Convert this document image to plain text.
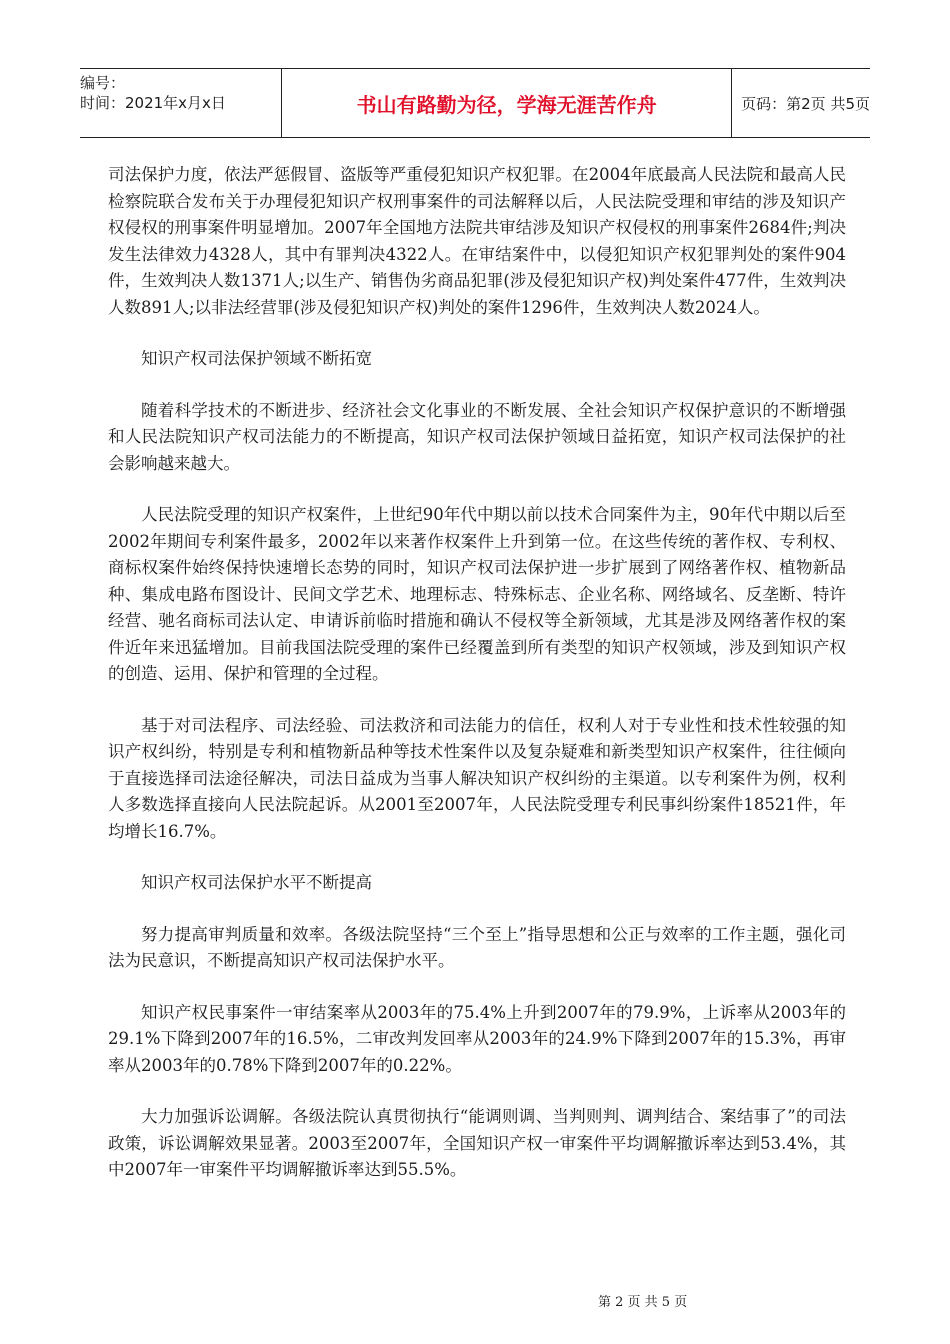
编号：
时间：2021年x月x日	书山有路勤为径，学海无涯苦作舟	页码：第2页 共5页

司法保护力度，依法严惩假冒、盗版等严重侵犯知识产权犯罪。在2004年底最高人民法院和最高人民检察院联合发布关于办理侵犯知识产权刑事案件的司法解释以后，人民法院受理和审结的涉及知识产权侵权的刑事案件明显增加。2007年全国地方法院共审结涉及知识产权侵权的刑事案件2684件;判决发生法律效力4328人，其中有罪判决4322人。在审结案件中，以侵犯知识产权犯罪判处的案件904件，生效判决人数1371人;以生产、销售伪劣商品犯罪(涉及侵犯知识产权)判处案件477件，生效判决人数891人;以非法经营罪(涉及侵犯知识产权)判处的案件1296件，生效判决人数2024人。

知识产权司法保护领域不断拓宽

随着科学技术的不断进步、经济社会文化事业的不断发展、全社会知识产权保护意识的不断增强和人民法院知识产权司法能力的不断提高，知识产权司法保护领域日益拓宽，知识产权司法保护的社会影响越来越大。

人民法院受理的知识产权案件，上世纪90年代中期以前以技术合同案件为主，90年代中期以后至2002年期间专利案件最多，2002年以来著作权案件上升到第一位。在这些传统的著作权、专利权、商标权案件始终保持快速增长态势的同时，知识产权司法保护进一步扩展到了网络著作权、植物新品种、集成电路布图设计、民间文学艺术、地理标志、特殊标志、企业名称、网络域名、反垄断、特许经营、驰名商标司法认定、申请诉前临时措施和确认不侵权等全新领域，尤其是涉及网络著作权的案件近年来迅猛增加。目前我国法院受理的案件已经覆盖到所有类型的知识产权领域，涉及到知识产权的创造、运用、保护和管理的全过程。

基于对司法程序、司法经验、司法救济和司法能力的信任，权利人对于专业性和技术性较强的知识产权纠纷，特别是专利和植物新品种等技术性案件以及复杂疑难和新类型知识产权案件，往往倾向于直接选择司法途径解决，司法日益成为当事人解决知识产权纠纷的主渠道。以专利案件为例，权利人多数选择直接向人民法院起诉。从2001至2007年，人民法院受理专利民事纠纷案件18521件，年均增长16.7%。

知识产权司法保护水平不断提高

努力提高审判质量和效率。各级法院坚持“三个至上”指导思想和公正与效率的工作主题，强化司法为民意识，不断提高知识产权司法保护水平。

知识产权民事案件一审结案率从2003年的75.4%上升到2007年的79.9%，上诉率从2003年的29.1%下降到2007年的16.5%，二审改判发回率从2003年的24.9%下降到2007年的15.3%，再审率从2003年的0.78%下降到2007年的0.22%。

大力加强诉讼调解。各级法院认真贯彻执行“能调则调、当判则判、调判结合、案结事了”的司法政策，诉讼调解效果显著。2003至2007年，全国知识产权一审案件平均调解撤诉率达到53.4%，其中2007年一审案件平均调解撤诉率达到55.5%。

第 2 页 共 5 页
